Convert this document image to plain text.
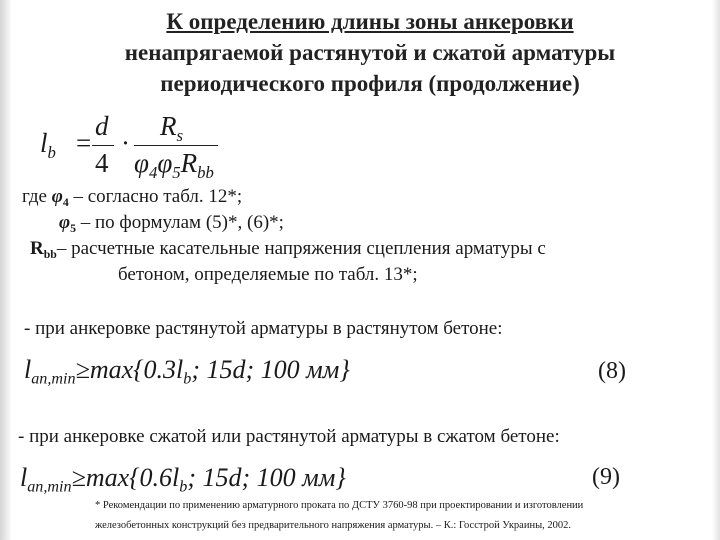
К определению длины зоны анкеровки
ненапрягаемой растянутой и сжатой арматуры
периодического профиля (продолжение)
$l_b$ =
d
4
·
$R_s$
$\varphi_4\varphi_5R_{bb}$
где $\varphi_4$ – согласно табл. 12*;
$\varphi_5$ – по формулам (5)*, (6)*;
$R_{bb}-$ расчетные касательные напряжения сцепления арматуры с
бетоном, определяемые по табл. 13*;
- при анкеровке растянутой арматуры в растянутом бетоне:
$l_{an,min}\ge\max\{0.3l_b$; 15d; 100 мм}	(8)
- при анкеровке сжатой или растянутой арматуры в сжатом бетоне:
$l_{an,min}\ge\max\{0.6l_b$; 15d; 100 мм}	(9)
* Рекомендации по применению арматурного проката по ДСТУ 3760-98 при проектировании и изготовлении
железобетонных конструкций без предварительного напряжения арматуры. – К.: Госстрой Украины, 2002.
